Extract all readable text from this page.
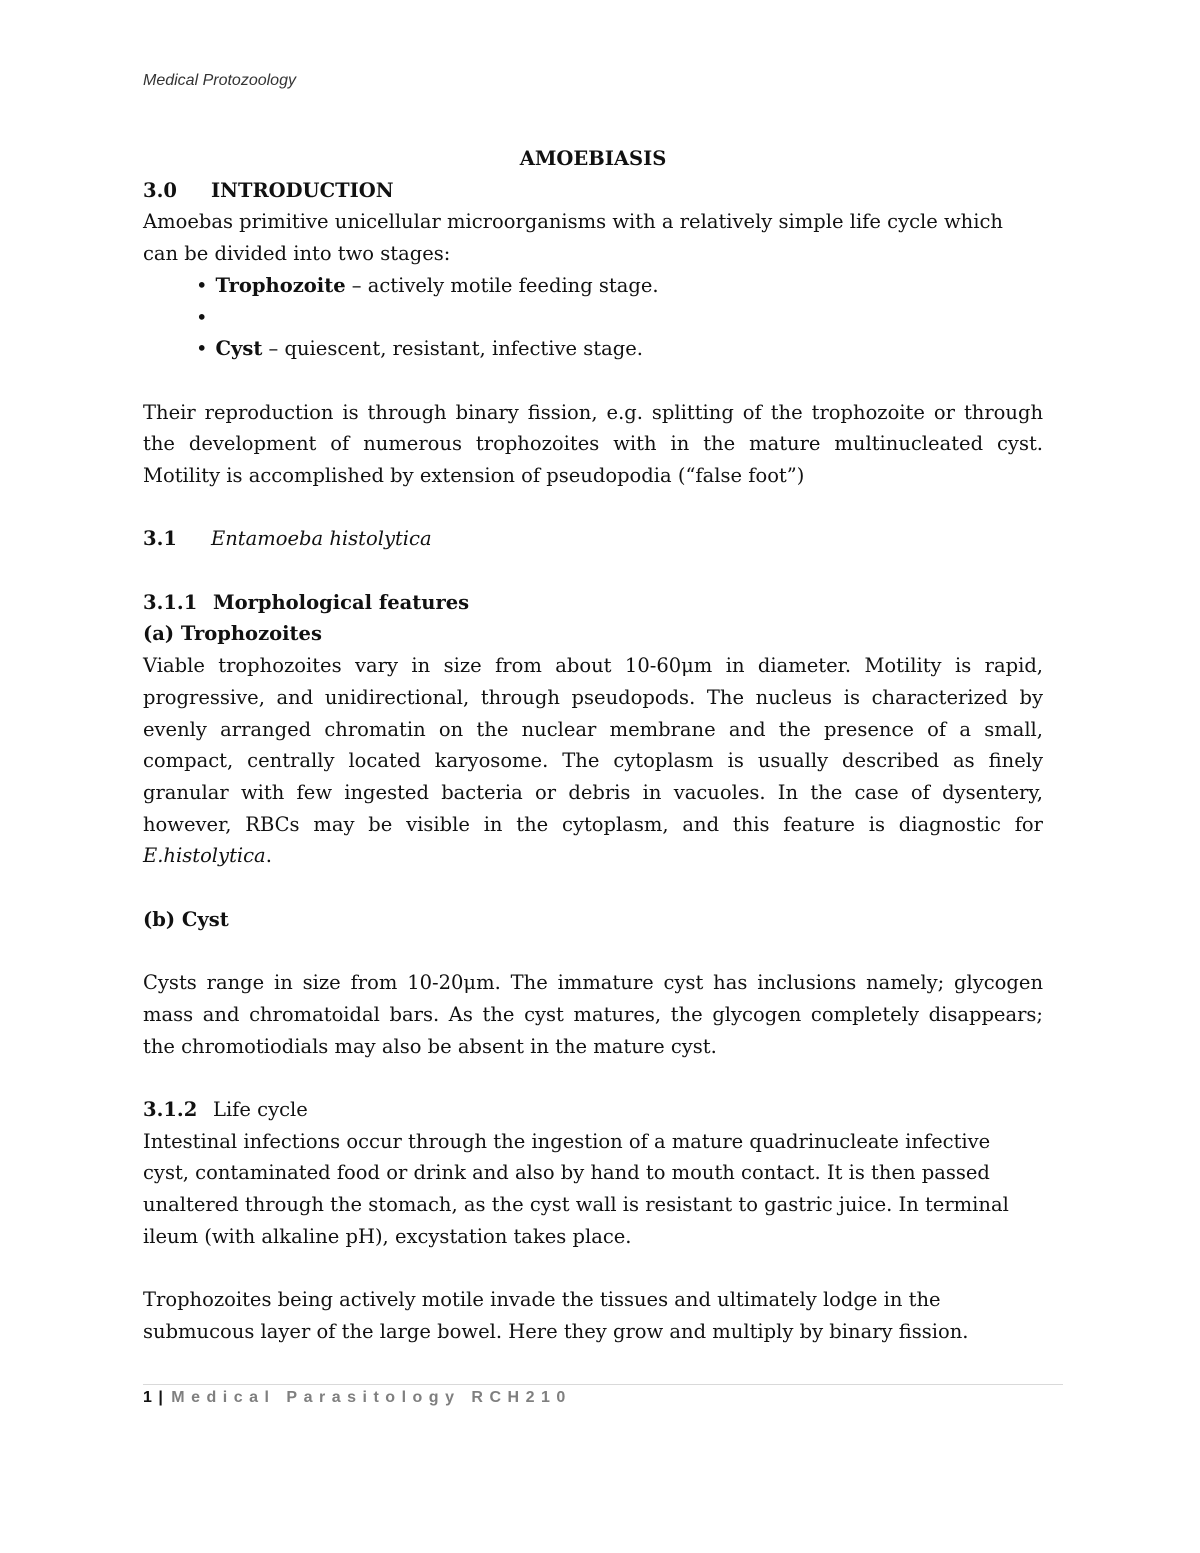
Medical Protozoology

AMOEBIASIS

3.0	INTRODUCTION

Amoebas primitive unicellular microorganisms with a relatively simple life cycle which can be divided into two stages:

• Trophozoite – actively motile feeding stage.
•
• Cyst – quiescent, resistant, infective stage.

Their reproduction is through binary fission, e.g. splitting of the trophozoite or through the development of numerous trophozoites with in the mature multinucleated cyst. Motility is accomplished by extension of pseudopodia (“false foot”)

3.1	Entamoeba histolytica
3.1.1 Morphological features

(a) Trophozoites

Viable trophozoites vary in size from about 10-60μm in diameter. Motility is rapid, progressive, and unidirectional, through pseudopods. The nucleus is characterized by evenly arranged chromatin on the nuclear membrane and the presence of a small, compact, centrally located karyosome. The cytoplasm is usually described as finely granular with few ingested bacteria or debris in vacuoles. In the case of dysentery, however, RBCs may be visible in the cytoplasm, and this feature is diagnostic for E.histolytica.

(b) Cyst

Cysts range in size from 10-20μm. The immature cyst has inclusions namely; glycogen mass and chromatoidal bars. As the cyst matures, the glycogen completely disappears; the chromotiodials may also be absent in the mature cyst.

3.1.2 Life cycle

Intestinal infections occur through the ingestion of a mature quadrinucleate infective cyst, contaminated food or drink and also by hand to mouth contact. It is then passed unaltered through the stomach, as the cyst wall is resistant to gastric juice. In terminal ileum (with alkaline pH), excystation takes place.

Trophozoites being actively motile invade the tissues and ultimately lodge in the submucous layer of the large bowel. Here they grow and multiply by binary fission.

1 | Medical Parasitology RCH210
